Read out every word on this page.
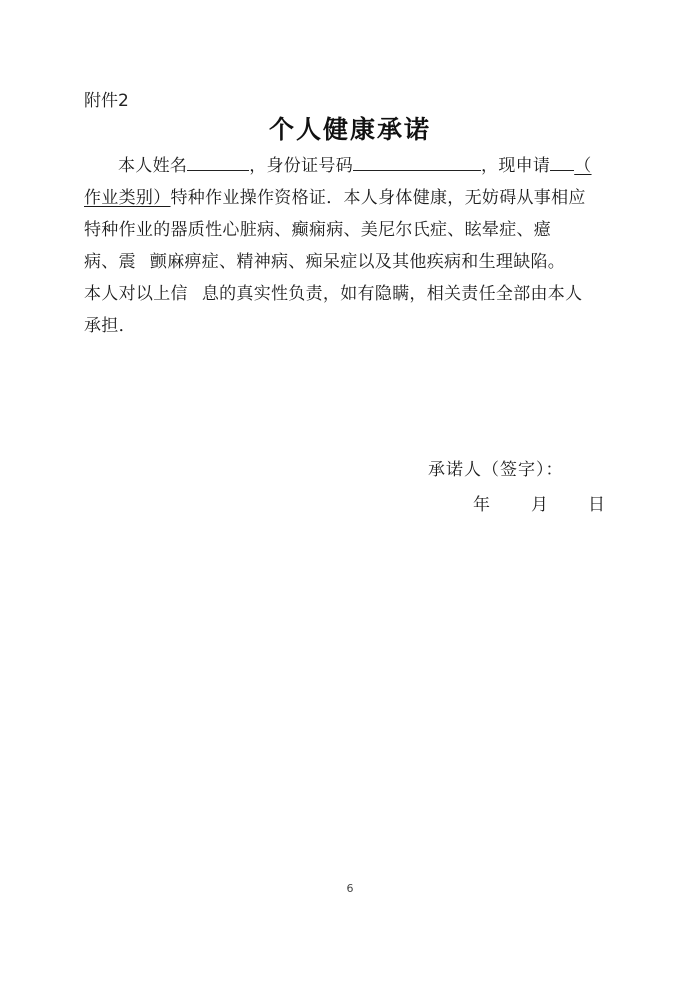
附件2
个人健康承诺
本人姓名	，身份证号码	，现申请 （
作业类别）特种作业操作资格证．本人身体健康，无妨碍从事相应
特种作业的器质性心脏病、癫痫病、美尼尔氏症、眩晕症、癔
病、震 颤麻痹症、精神病、痴呆症以及其他疾病和生理缺陷。
本人对以上信 息的真实性负责，如有隐瞒，相关责任全部由本人
承担．
承诺人（签字）：
年 月 日
6
